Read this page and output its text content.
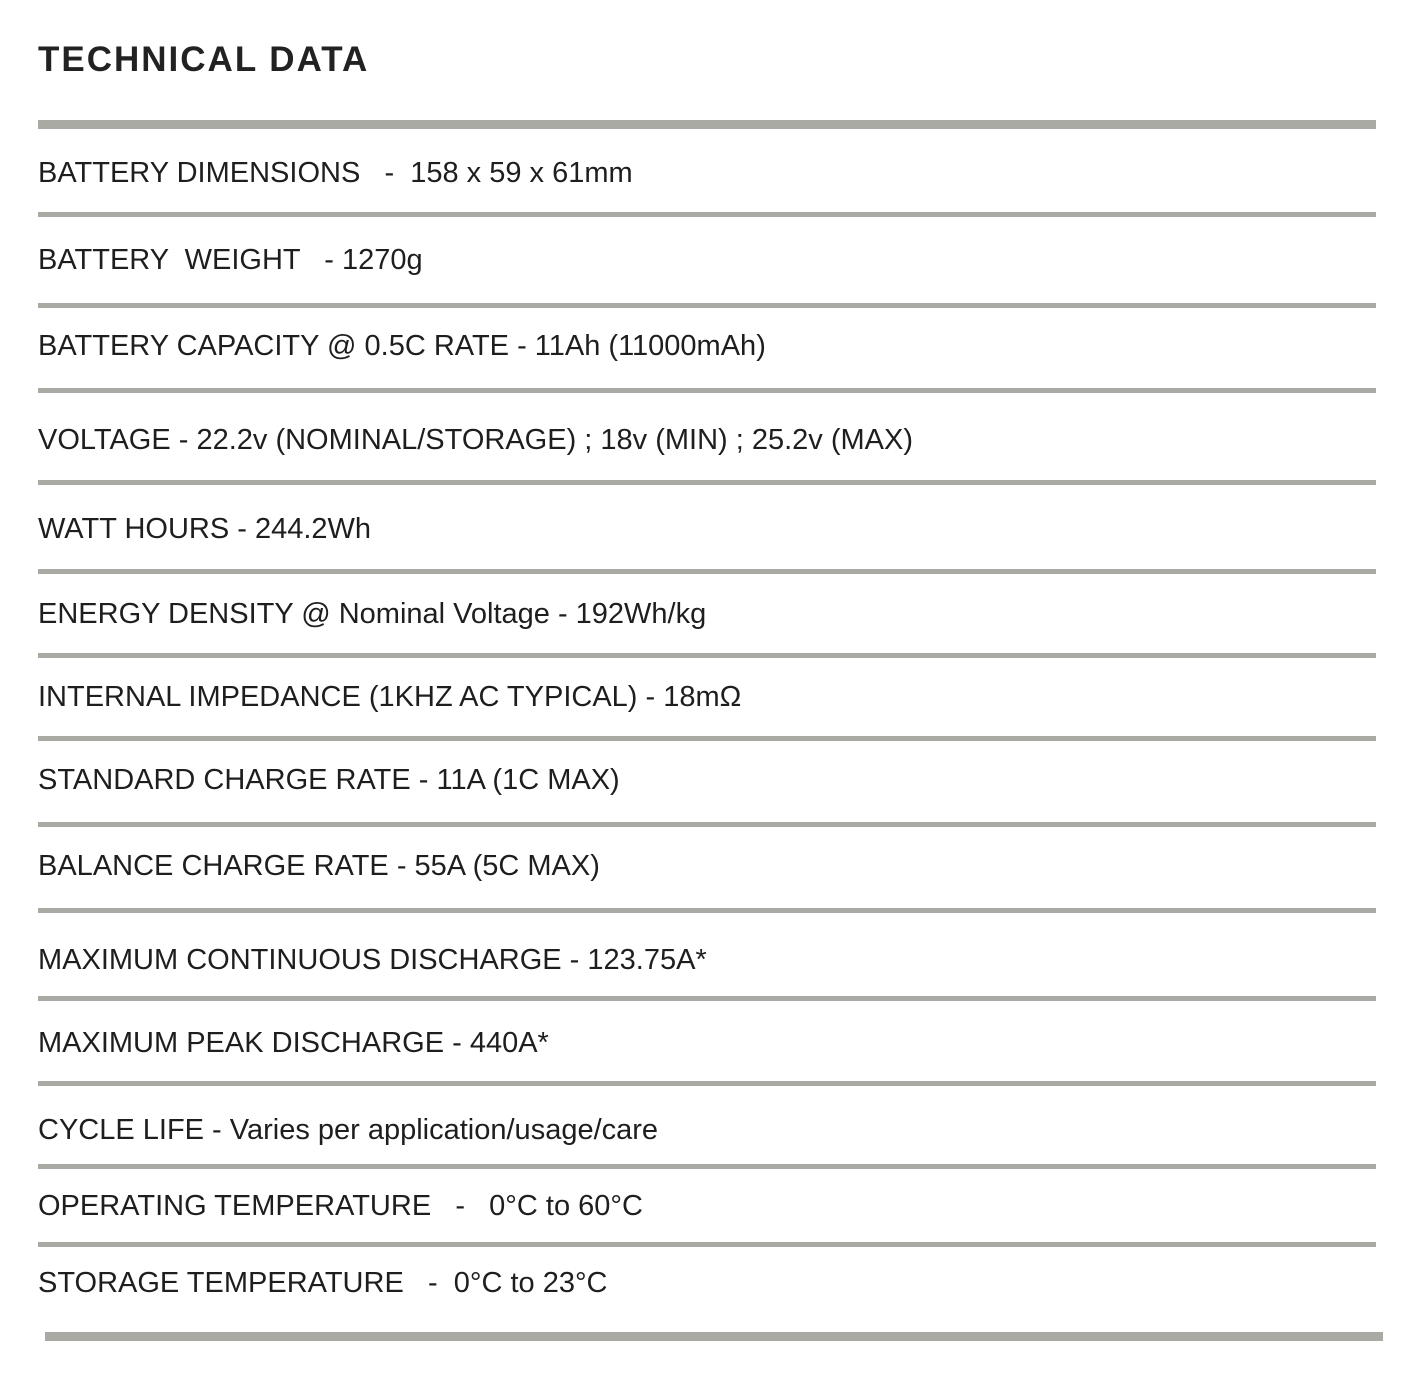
TECHNICAL DATA
BATTERY DIMENSIONS   -  158 x 59 x 61mm
BATTERY  WEIGHT   - 1270g
BATTERY CAPACITY @ 0.5C RATE - 11Ah (11000mAh)
VOLTAGE - 22.2v (NOMINAL/STORAGE) ; 18v (MIN) ; 25.2v (MAX)
WATT HOURS - 244.2Wh
ENERGY DENSITY @ Nominal Voltage - 192Wh/kg
INTERNAL IMPEDANCE (1KHZ AC TYPICAL) - 18mΩ
STANDARD CHARGE RATE - 11A (1C MAX)
BALANCE CHARGE RATE - 55A (5C MAX)
MAXIMUM CONTINUOUS DISCHARGE - 123.75A*
MAXIMUM PEAK DISCHARGE - 440A*
CYCLE LIFE - Varies per application/usage/care
OPERATING TEMPERATURE   -   0°C to 60°C
STORAGE TEMPERATURE   -  0°C to 23°C
